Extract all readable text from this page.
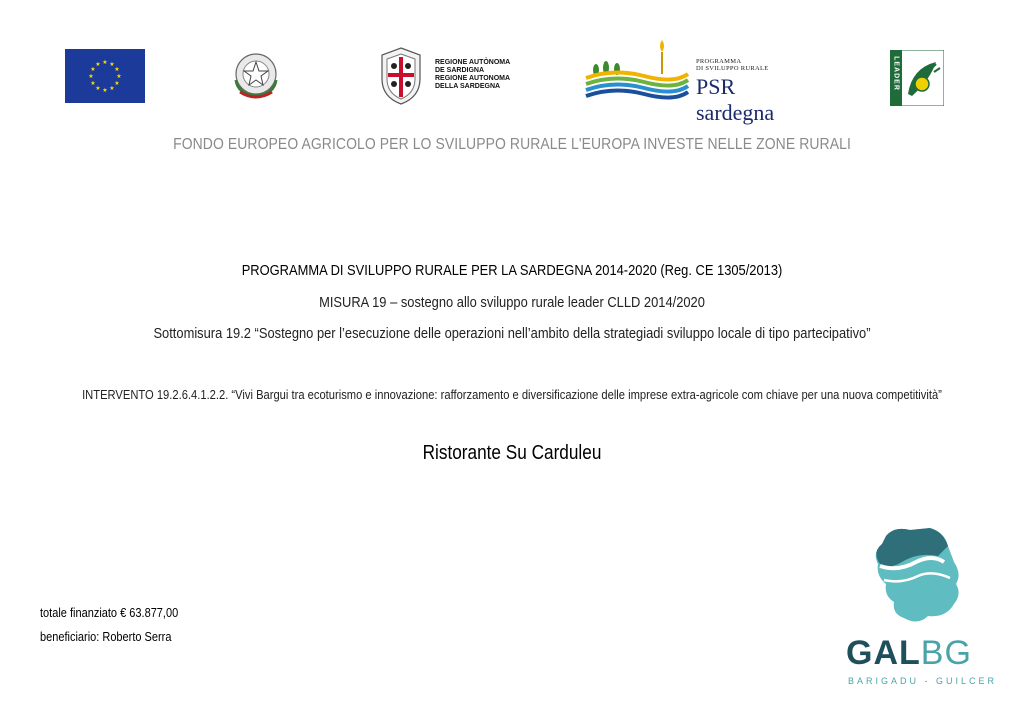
★ ★
★
★
★
★
★
★
★
★
★
★	REGIONE AUTÒNOMA
DE SARDIGNA
REGIONE AUTONOMA
DELLA SARDEGNA
PROGRAMMA
DI SVILUPPO RURALE
PSR sardegna
LEADER
FONDO EUROPEO AGRICOLO PER LO SVILUPPO RURALE L'EUROPA INVESTE NELLE ZONE RURALI
PROGRAMMA DI SVILUPPO RURALE PER LA SARDEGNA 2014-2020 (Reg. CE 1305/2013)
MISURA 19 – sostegno allo sviluppo rurale leader CLLD 2014/2020
Sottomisura 19.2 “Sostegno per l’esecuzione delle operazioni nell’ambito della strategiadi sviluppo locale di tipo partecipativo”
INTERVENTO 19.2.6.4.1.2.2. “Vivi Bargui tra ecoturismo e innovazione: rafforzamento e diversificazione delle imprese extra-agricole com chiave per una nuova competitività”
Ristorante Su Carduleu
totale finanziato € 63.877,00
beneficiario: Roberto Serra	GALBG
BARIGADU - GUILCER
